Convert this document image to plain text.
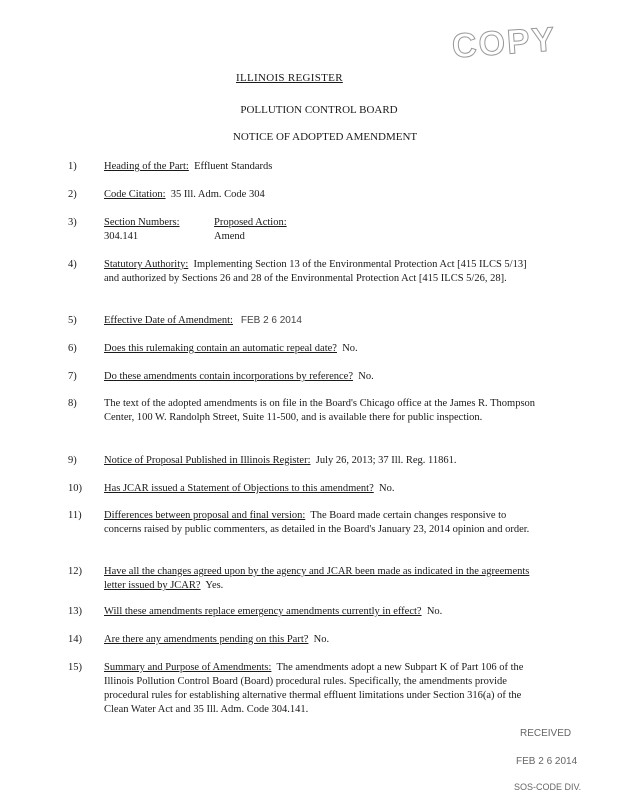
COPY
ILLINOIS REGISTER
POLLUTION CONTROL BOARD
NOTICE OF ADOPTED AMENDMENT
1)	Heading of the Part: Effluent Standards
2)	Code Citation: 35 Ill. Adm. Code 304
3)	Section Numbers:	Proposed Action:
304.141	Amend
4)	Statutory Authority: Implementing Section 13 of the Environmental Protection Act [415 ILCS 5/13] and authorized by Sections 26 and 28 of the Environmental Protection Act [415 ILCS 5/26, 28].
5)	Effective Date of Amendment: FEB 2 6 2014
6)	Does this rulemaking contain an automatic repeal date? No.
7)	Do these amendments contain incorporations by reference? No.
8)	The text of the adopted amendments is on file in the Board's Chicago office at the James R. Thompson Center, 100 W. Randolph Street, Suite 11-500, and is available there for public inspection.
9)	Notice of Proposal Published in Illinois Register: July 26, 2013; 37 Ill. Reg. 11861.
10)	Has JCAR issued a Statement of Objections to this amendment? No.
11)	Differences between proposal and final version: The Board made certain changes responsive to concerns raised by public commenters, as detailed in the Board's January 23, 2014 opinion and order.
12)	Have all the changes agreed upon by the agency and JCAR been made as indicated in the agreements letter issued by JCAR? Yes.
13)	Will these amendments replace emergency amendments currently in effect? No.
14)	Are there any amendments pending on this Part? No.
15)	Summary and Purpose of Amendments: The amendments adopt a new Subpart K of Part 106 of the Illinois Pollution Control Board (Board) procedural rules. Specifically, the amendments provide procedural rules for establishing alternative thermal effluent limitations under Section 316(a) of the Clean Water Act and 35 Ill. Adm. Code 304.141.
RECEIVED
FEB 2 6 2014
SOS-CODE DIV.
